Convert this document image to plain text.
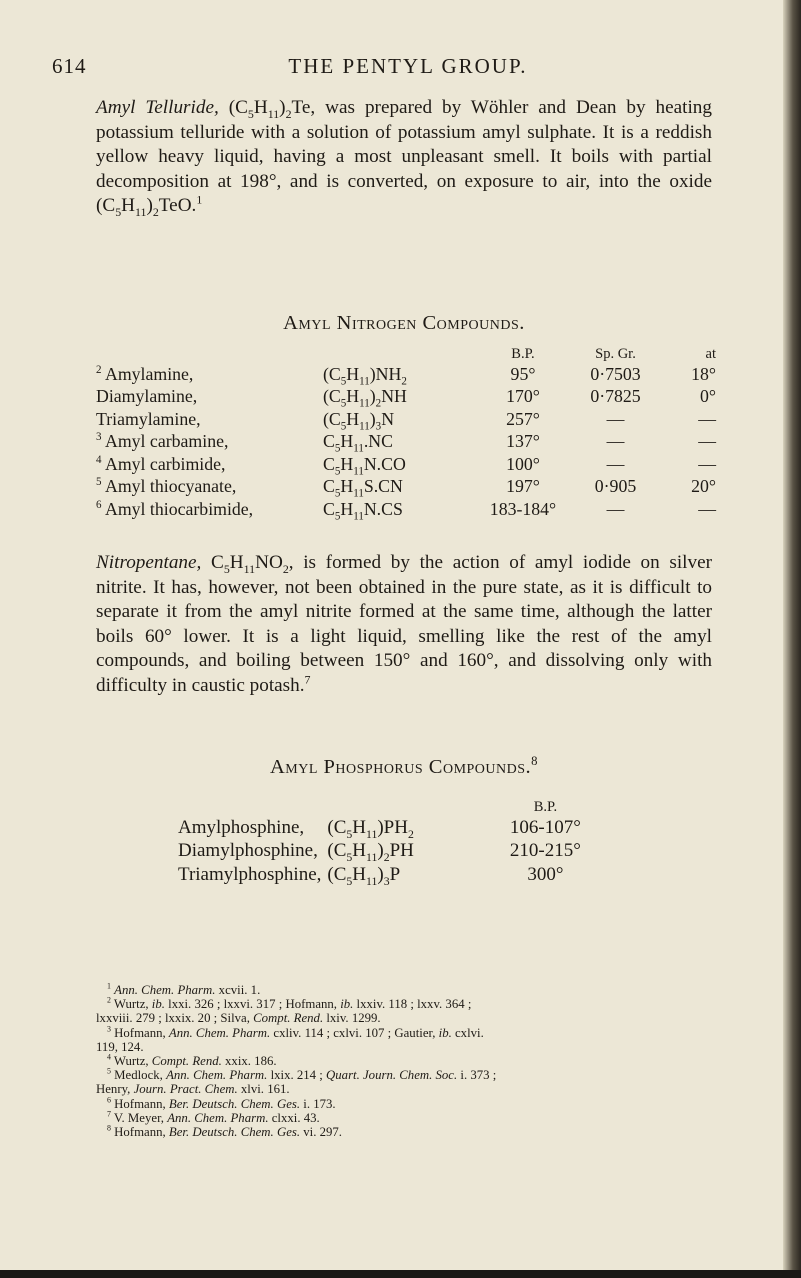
614	THE PENTYL GROUP.

Amyl Telluride, $(C_5H_{11})_2Te$, was prepared by Wöhler and Dean by heating potassium telluride with a solution of potassium amyl sulphate. It is a reddish yellow heavy liquid, having a most unpleasant smell. It boils with partial decomposition at 198°, and is converted, on exposure to air, into the oxide $(C_5H_{11})_2TeO.^1$

Amyl Nitrogen Compounds.
		B.P.	Sp. Gr.	at
$^2$ Amylamine,	$(C_5H_{11})NH_2$	95°	0·7503	18°
Diamylamine,	$(C_5H_{11})_2NH$	170°	0·7825	0°
Triamylamine,	$(C_5H_{11})_3N$	257°	—	—
$^3$ Amyl carbamine,	$C_5H_{11}.NC$	137°	—	—
$^4$ Amyl carbimide,	$C_5H_{11}N.CO$	100°	—	—
$^5$ Amyl thiocyanate,	$C_5H_{11}S.CN$	197°	0·905	20°
$^6$ Amyl thiocarbimide,	$C_5H_{11}N.CS$	183-184°	—	—

Nitropentane, $C_5H_{11}NO_2$, is formed by the action of amyl iodide on silver nitrite. It has, however, not been obtained in the pure state, as it is difficult to separate it from the amyl nitrite formed at the same time, although the latter boils 60° lower. It is a light liquid, smelling like the rest of the amyl compounds, and boiling between 150° and 160°, and dissolving only with difficulty in caustic potash.$^7$

Amyl Phosphorus Compounds.$^8$
		B.P.
Amylphosphine,	$(C_5H_{11})PH_2$	106-107°
Diamylphosphine,	$(C_5H_{11})_2PH$	210-215°
Triamylphosphine,	$(C_5H_{11})_3P$	300°

$^1$ Ann. Chem. Pharm. xcvii. 1.

$^2$ Wurtz, ib. lxxi. 326 ; lxxvi. 317 ; Hofmann, ib. lxxiv. 118 ; lxxv. 364 ;

lxxviii. 279 ; lxxix. 20 ; Silva, Compt. Rend. lxiv. 1299.

$^3$ Hofmann, Ann. Chem. Pharm. cxliv. 114 ; cxlvi. 107 ; Gautier, ib. cxlvi.

119, 124.

$^4$ Wurtz, Compt. Rend. xxix. 186.

$^5$ Medlock, Ann. Chem. Pharm. lxix. 214 ; Quart. Journ. Chem. Soc. i. 373 ;

Henry, Journ. Pract. Chem. xlvi. 161.

$^6$ Hofmann, Ber. Deutsch. Chem. Ges. i. 173.

$^7$ V. Meyer, Ann. Chem. Pharm. clxxi. 43.

$^8$ Hofmann, Ber. Deutsch. Chem. Ges. vi. 297.
